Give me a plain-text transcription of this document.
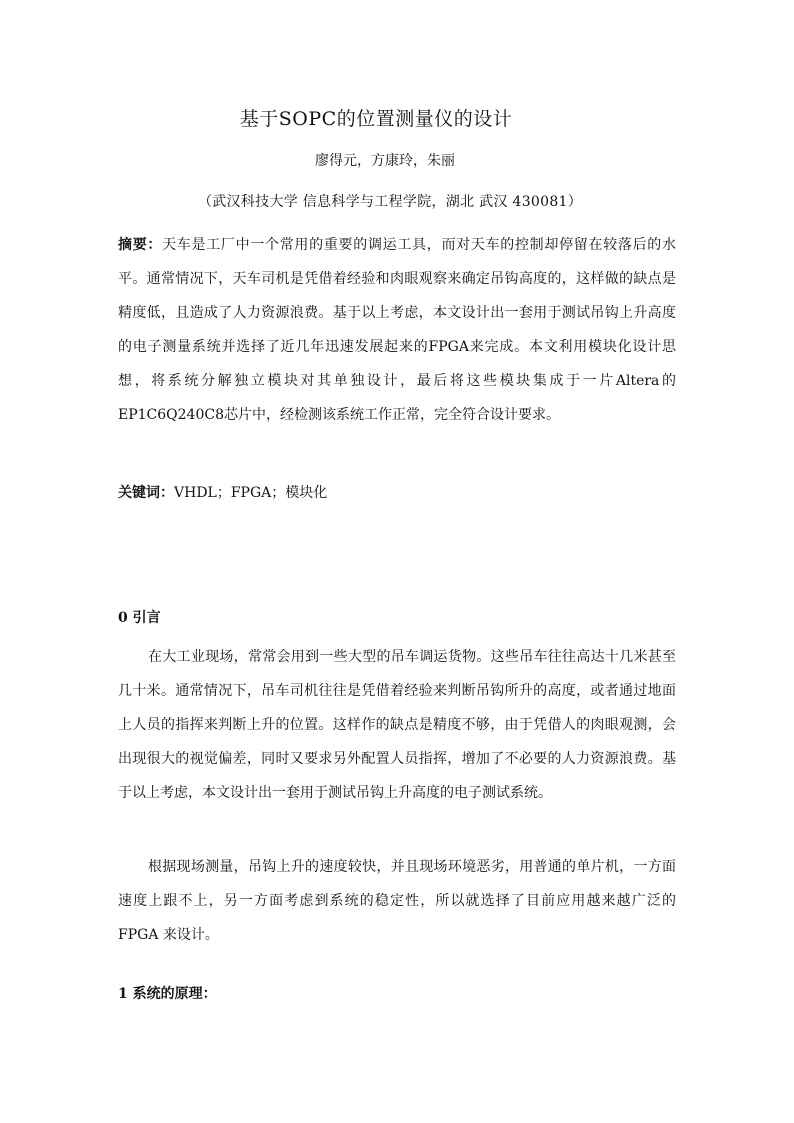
基于SOPC的位置测量仪的设计
廖得元，方康玲，朱丽
（武汉科技大学 信息科学与工程学院，湖北 武汉 430081）
摘要：天车是工厂中一个常用的重要的调运工具，而对天车的控制却停留在较落后的水平。通常情况下，天车司机是凭借着经验和肉眼观察来确定吊钩高度的，这样做的缺点是精度低，且造成了人力资源浪费。基于以上考虑，本文设计出一套用于测试吊钩上升高度的电子测量系统并选择了近几年迅速发展起来的FPGA来完成。本文利用模块化设计思想，将系统分解独立模块对其单独设计，最后将这些模块集成于一片Altera的EP1C6Q240C8芯片中，经检测该系统工作正常，完全符合设计要求。
关键词：VHDL；FPGA；模块化
0 引言
在大工业现场，常常会用到一些大型的吊车调运货物。这些吊车往往高达十几米甚至几十米。通常情况下，吊车司机往往是凭借着经验来判断吊钩所升的高度，或者通过地面上人员的指挥来判断上升的位置。这样作的缺点是精度不够，由于凭借人的肉眼观测，会出现很大的视觉偏差，同时又要求另外配置人员指挥，增加了不必要的人力资源浪费。基于以上考虑，本文设计出一套用于测试吊钩上升高度的电子测试系统。
根据现场测量，吊钩上升的速度较快，并且现场环境恶劣，用普通的单片机，一方面速度上跟不上，另一方面考虑到系统的稳定性，所以就选择了目前应用越来越广泛的 FPGA 来设计。
1 系统的原理：
